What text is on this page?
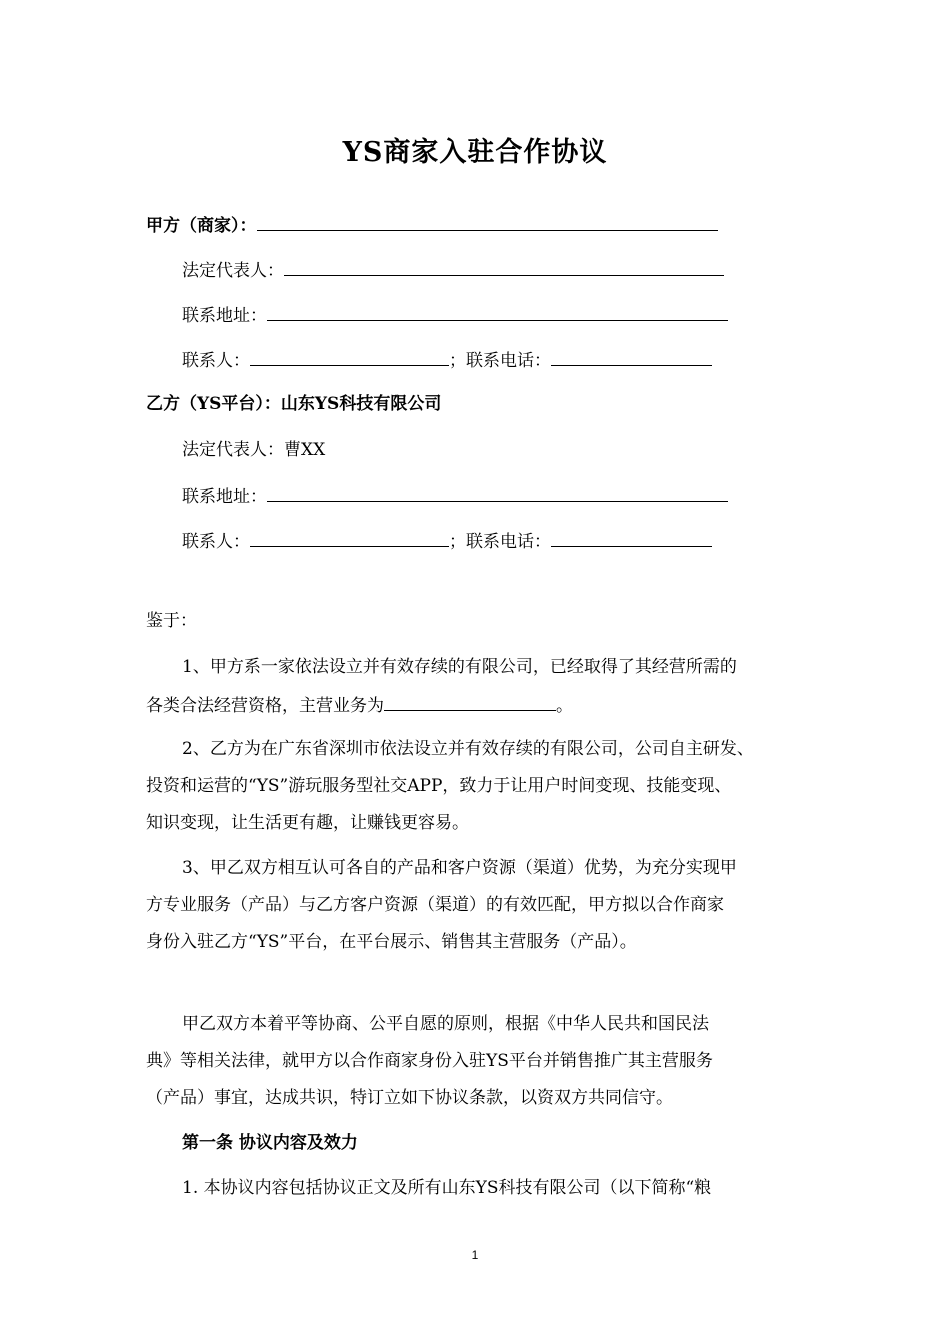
YS商家入驻合作协议
甲方（商家）：
法定代表人：
联系地址：
联系人：	；联系电话：
乙方（YS平台）：山东YS科技有限公司
法定代表人：曹XX
联系地址：
联系人：	；联系电话：
鉴于：
1、甲方系一家依法设立并有效存续的有限公司，已经取得了其经营所需的
各类合法经营资格，主营业务为	。
2、乙方为在广东省深圳市依法设立并有效存续的有限公司，公司自主研发、
投资和运营的“YS”游玩服务型社交APP，致力于让用户时间变现、技能变现、
知识变现，让生活更有趣，让赚钱更容易。
3、甲乙双方相互认可各自的产品和客户资源（渠道）优势，为充分实现甲
方专业服务（产品）与乙方客户资源（渠道）的有效匹配，甲方拟以合作商家
身份入驻乙方“YS”平台，在平台展示、销售其主营服务（产品）。
甲乙双方本着平等协商、公平自愿的原则，根据《中华人民共和国民法
典》等相关法律，就甲方以合作商家身份入驻YS平台并销售推广其主营服务
（产品）事宜，达成共识，特订立如下协议条款，以资双方共同信守。
第一条 协议内容及效力
1. 本协议内容包括协议正文及所有山东YS科技有限公司（以下简称“粮
1
